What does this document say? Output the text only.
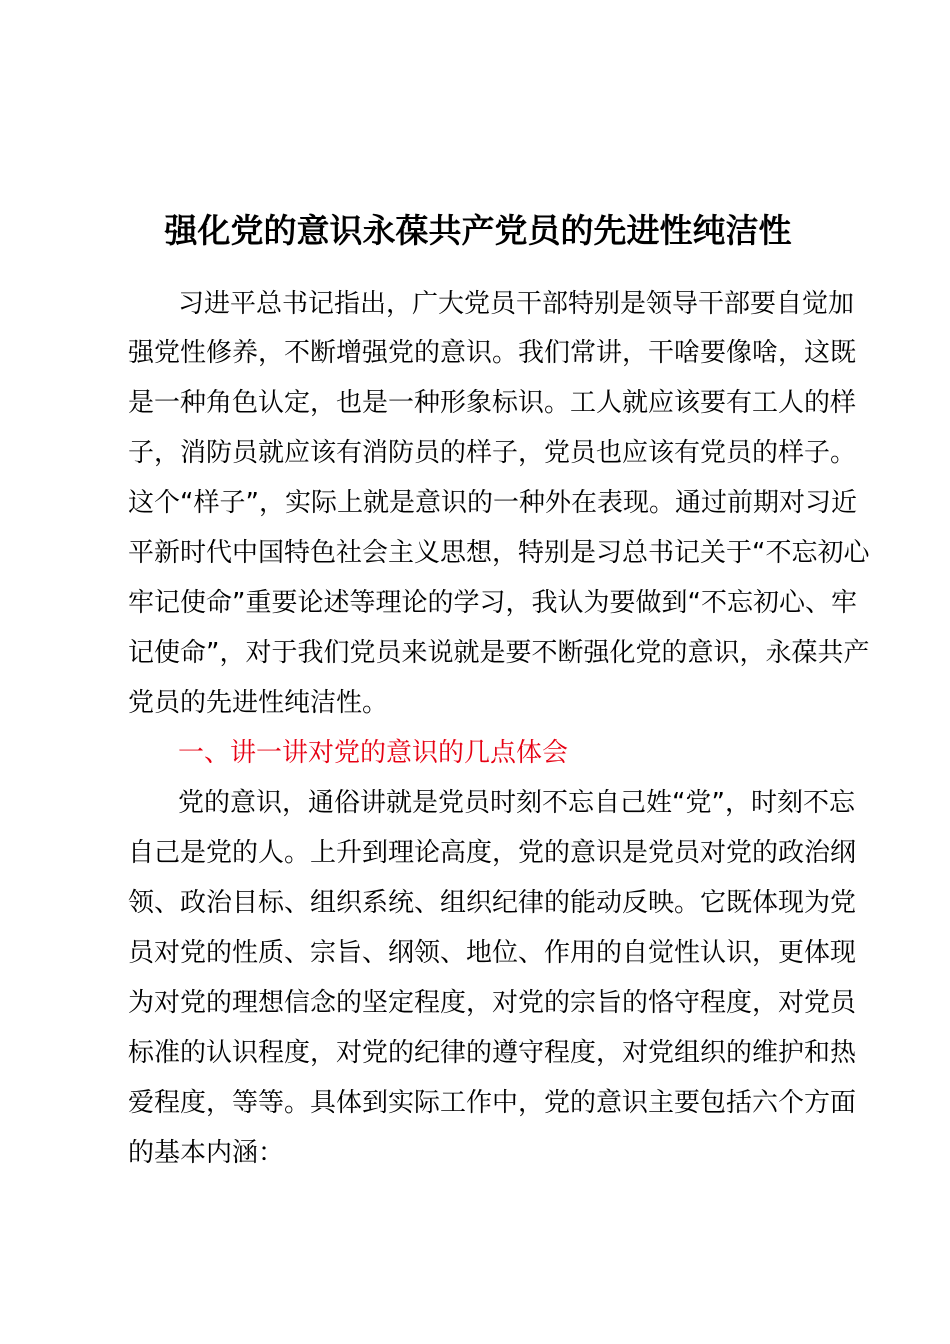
强化党的意识永葆共产党员的先进性纯洁性
习进平总书记指出，广大党员干部特别是领导干部要自觉加
强党性修养，不断增强党的意识。我们常讲，干啥要像啥，这既
是一种角色认定，也是一种形象标识。工人就应该要有工人的样
子，消防员就应该有消防员的样子，党员也应该有党员的样子。
这个“样子”，实际上就是意识的一种外在表现。通过前期对习近
平新时代中国特色社会主义思想，特别是习总书记关于“不忘初心
牢记使命”重要论述等理论的学习，我认为要做到“不忘初心、牢
记使命”，对于我们党员来说就是要不断强化党的意识，永葆共产
党员的先进性纯洁性。
一、讲一讲对党的意识的几点体会
党的意识，通俗讲就是党员时刻不忘自己姓“党”，时刻不忘
自己是党的人。上升到理论高度，党的意识是党员对党的政治纲
领、政治目标、组织系统、组织纪律的能动反映。它既体现为党
员对党的性质、宗旨、纲领、地位、作用的自觉性认识，更体现
为对党的理想信念的坚定程度，对党的宗旨的恪守程度，对党员
标准的认识程度，对党的纪律的遵守程度，对党组织的维护和热
爱程度，等等。具体到实际工作中，党的意识主要包括六个方面
的基本内涵：
